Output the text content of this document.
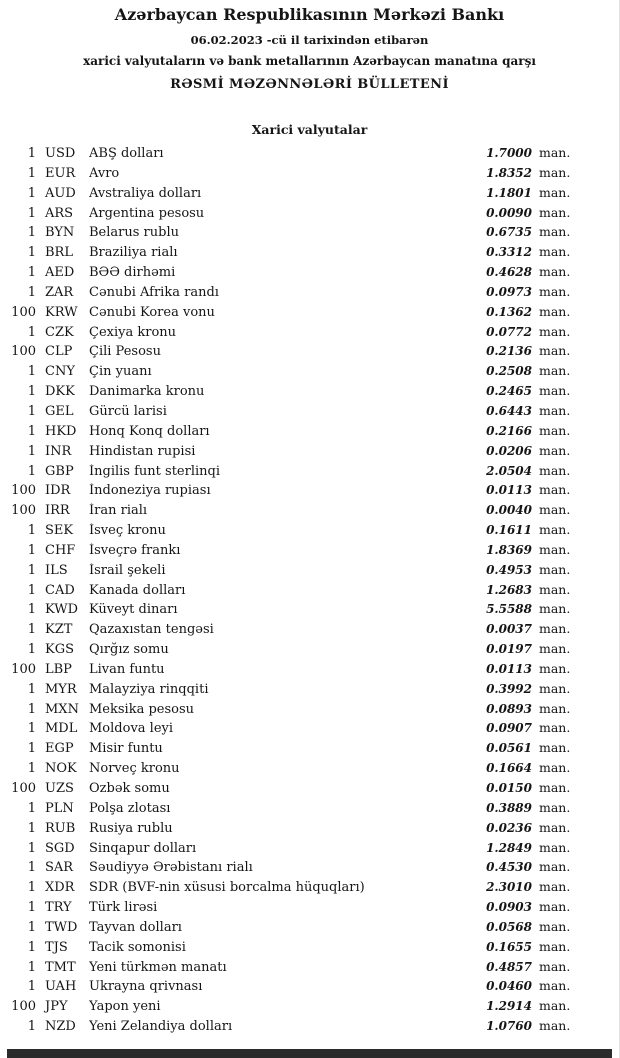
Azərbaycan Respublikasının Mərkəzi Bankı
06.02.2023 -cü il tarixindən etibarən
xarici valyutaların və bank metallarının Azərbaycan manatına qarşı
RƏSMİ MƏZƏNNƏLƏRİ BÜLLETENİ
Xarici valyutalar
1 USD	ABŞ dolları	1.7000 man.
1 EUR	Avro	1.8352 man.
1 AUD	Avstraliya dolları	1.1801 man.
1 ARS	Argentina pesosu	0.0090 man.
1 BYN	Belarus rublu	0.6735 man.
1 BRL	Braziliya rialı	0.3312 man.
1 AED	BƏƏ dirhəmi	0.4628 man.
1 ZAR	Cənubi Afrika randı	0.0973 man.
100 KRW Cənubi Korea vonu	0.1362 man.
1 CZK	Çexiya kronu	0.0772 man.
100 CLP	Çili Pesosu	0.2136 man.
1 CNY	Çin yuanı	0.2508 man.
1 DKK	Danimarka kronu	0.2465 man.
1 GEL	Gürcü larisi	0.6443 man.
1 HKD Honq Konq dolları	0.2166 man.
1 INR	Hindistan rupisi	0.0206 man.
1 GBP	İngilis funt sterlinqi	2.0504 man.
100 IDR	İndoneziya rupiası	0.0113 man.
100 IRR	İran rialı	0.0040 man.
1 SEK	İsveç kronu	0.1611 man.
1 CHF	İsveçrə frankı	1.8369 man.
1 ILS	İsrail şekeli	0.4953 man.
1 CAD	Kanada dolları	1.2683 man.
1 KWD Küveyt dinarı	5.5588 man.
1 KZT	Qazaxıstan tengəsi	0.0037 man.
1 KGS	Qırğız somu	0.0197 man.
100 LBP	Livan funtu	0.0113 man.
1 MYR Malayziya rinqqiti	0.3992 man.
1 MXN Meksika pesosu	0.0893 man.
1 MDL Moldova leyi	0.0907 man.
1 EGP	Misir funtu	0.0561 man.
1 NOK Norveç kronu	0.1664 man.
100 UZS	Özbək somu	0.0150 man.
1 PLN	Polşa zlotası	0.3889 man.
1 RUB	Rusiya rublu	0.0236 man.
1 SGD	Sinqapur dolları	1.2849 man.
1 SAR	Səudiyyə Ərəbistanı rialı	0.4530 man.
1 XDR	SDR (BVF-nin xüsusi borcalma hüquqları)	2.3010 man.
1 TRY	Türk lirəsi	0.0903 man.
1 TWD Tayvan dolları	0.0568 man.
1 TJS	Tacik somonisi	0.1655 man.
1 TMT	Yeni türkmən manatı	0.4857 man.
1 UAH Ukrayna qrivnası	0.0460 man.
100 JPY	Yapon yeni	1.2914 man.
1 NZD	Yeni Zelandiya dolları	1.0760 man.
